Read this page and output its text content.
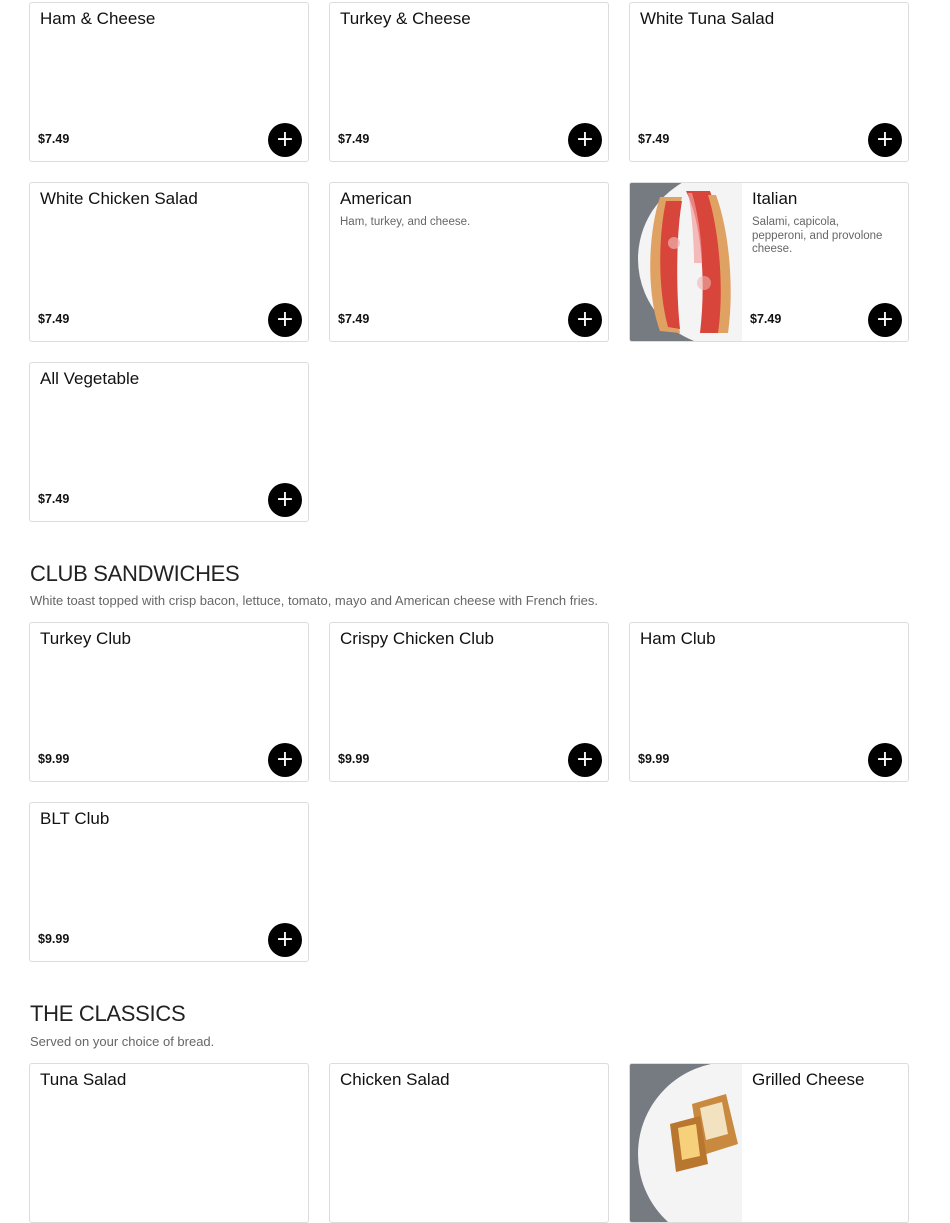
Ham & Cheese
$7.49	+
Turkey & Cheese
$7.49	+
White Tuna Salad
$7.49	+
White Chicken Salad
$7.49	+
American
Ham, turkey, and cheese.
$7.49	+
Italian
Salami, capicola, pepperoni, and provolone cheese.
$7.49	+
All Vegetable
$7.49	+
CLUB SANDWICHES
White toast topped with crisp bacon, lettuce, tomato, mayo and American cheese with French fries.
Turkey Club
$9.99	+
Crispy Chicken Club
$9.99	+
Ham Club
$9.99	+
BLT Club
$9.99	+
THE CLASSICS
Served on your choice of bread.
Tuna Salad	Chicken Salad	Grilled Cheese
